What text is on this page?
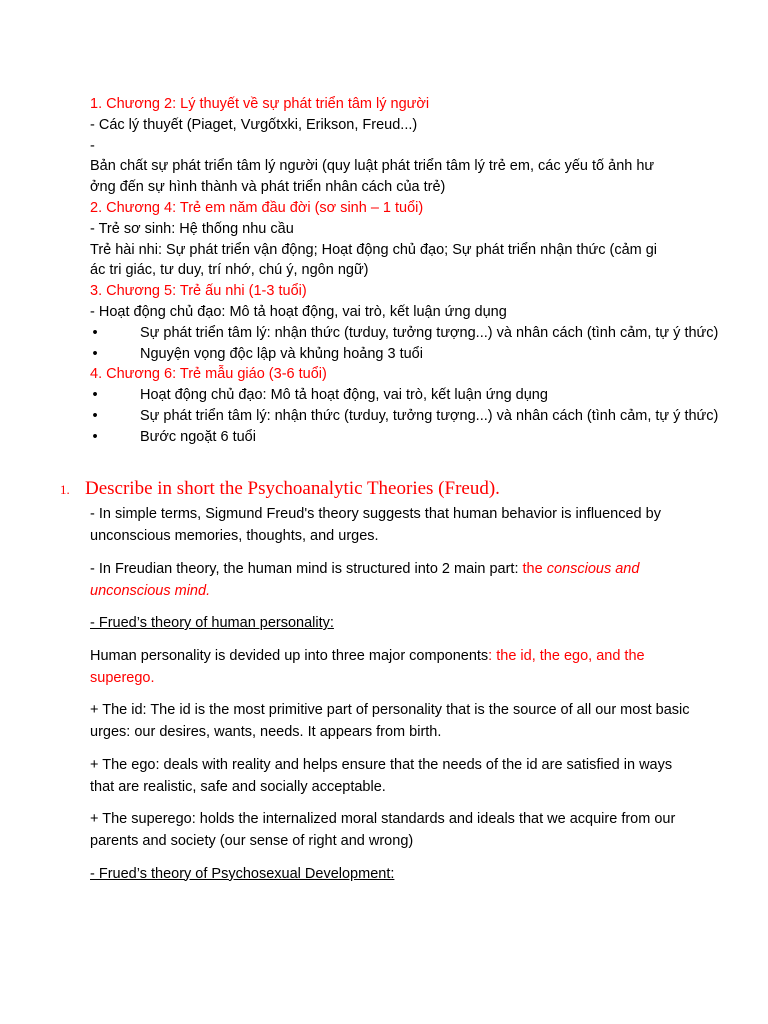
1. Chương 2: Lý thuyết về sự phát triển tâm lý người

- Các lý thuyết (Piaget, Vưgốtxki, Erikson, Freud...)

-

Bản chất sự phát triển tâm lý người (quy luật phát triển tâm lý trẻ em, các yếu tố ảnh hư

ởng đến sự hình thành và phát triển nhân cách của trẻ)

2. Chương 4: Trẻ em năm đầu đời (sơ sinh – 1 tuổi)

- Trẻ sơ sinh: Hệ thống nhu cầu

Trẻ hài nhi: Sự phát triển vận động; Hoạt động chủ đạo; Sự phát triển nhận thức (cảm gi

ác tri giác, tư duy, trí nhớ, chú ý, ngôn ngữ)

3. Chương 5: Trẻ ấu nhi (1-3 tuổi)

- Hoạt động chủ đạo: Mô tả hoạt động, vai trò, kết luận ứng dụng

•	Sự phát triển tâm lý: nhận thức (tưduy, tưởng tượng...) và nhân cách (tình cảm, tự ý thức)
•	Nguyện vọng độc lập và khủng hoảng 3 tuổi

4. Chương 6: Trẻ mẫu giáo (3-6 tuổi)

•	Hoạt động chủ đạo: Mô tả hoạt động, vai trò, kết luận ứng dụng
•	Sự phát triển tâm lý: nhận thức (tưduy, tưởng tượng...) và nhân cách (tình cảm, tự ý thức)
•	Bước ngoặt 6 tuổi
1. Describe in short the Psychoanalytic Theories (Freud).

- In simple terms, Sigmund Freud's theory suggests that human behavior is influenced by unconscious memories, thoughts, and urges.

- In Freudian theory, the human mind is structured into 2 main part: the conscious and unconscious mind.

- Frued’s theory of human personality:

Human personality is devided up into three major components: the id, the ego, and the superego.

+ The id: The id is the most primitive part of personality that is the source of all our most basic urges: our desires, wants, needs. It appears from birth.

+ The ego: deals with reality and helps ensure that the needs of the id are satisfied in ways that are realistic, safe and socially acceptable.

+ The superego: holds the internalized moral standards and ideals that we acquire from our parents and society (our sense of right and wrong)

- Frued’s theory of Psychosexual Development:
